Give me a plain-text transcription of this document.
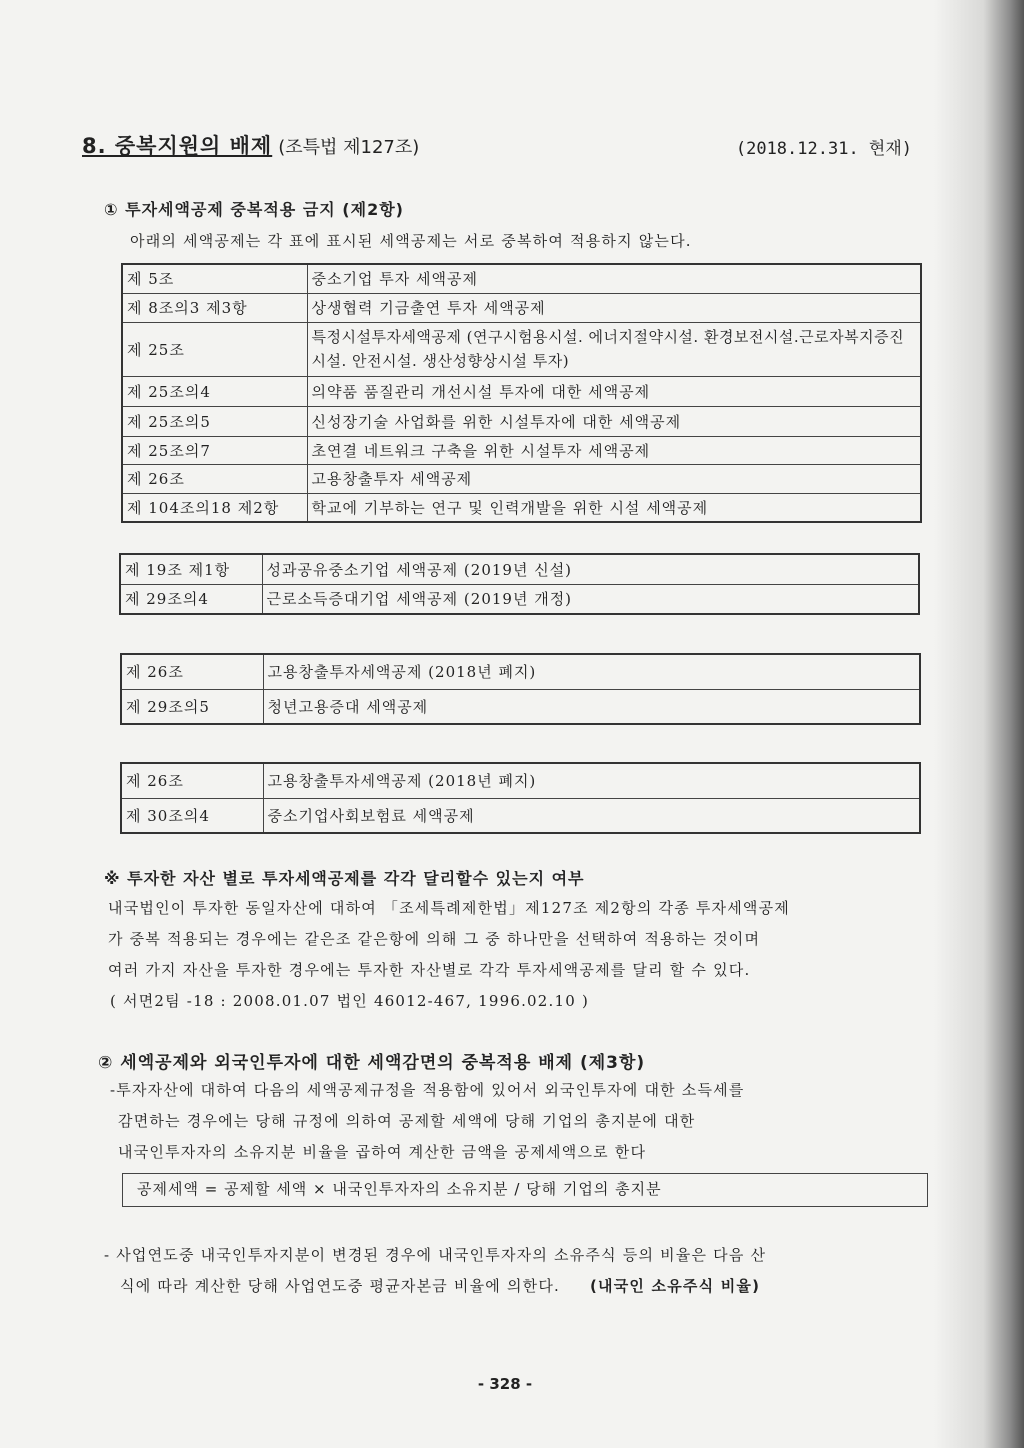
8. 중복지원의 배제 (조특법 제127조)	(2018.12.31. 현재)
① 투자세액공제 중복적용 금지 (제2항)

아래의 세액공제는 각 표에 표시된 세액공제는 서로 중복하여 적용하지 않는다.

제 5조	중소기업 투자 세액공제
제 8조의3 제3항	상생협력 기금출연 투자 세액공제
제 25조	특정시설투자세액공제 (연구시험용시설. 에너지절약시설. 환경보전시설.근로자복지증진시설. 안전시설. 생산성향상시설 투자)
제 25조의4	의약품 품질관리 개선시설 투자에 대한 세액공제
제 25조의5	신성장기술 사업화를 위한 시설투자에 대한 세액공제
제 25조의7	초연결 네트워크 구축을 위한 시설투자 세액공제
제 26조	고용창출투자 세액공제
제 104조의18 제2항	학교에 기부하는 연구 및 인력개발을 위한 시설 세액공제
제 19조 제1항	성과공유중소기업 세액공제 (2019년 신설)
제 29조의4	근로소득증대기업 세액공제 (2019년 개정)
제 26조	고용창출투자세액공제 (2018년 폐지)
제 29조의5	청년고용증대 세액공제
제 26조	고용창출투자세액공제 (2018년 폐지)
제 30조의4	중소기업사회보험료 세액공제
※ 투자한 자산 별로 투자세액공제를 각각 달리할수 있는지 여부

내국법인이 투자한 동일자산에 대하여 「조세특례제한법」제127조 제2항의 각종 투자세액공제
가 중복 적용되는 경우에는 같은조 같은항에 의해 그 중 하나만을 선택하여 적용하는 것이며
여러 가지 자산을 투자한 경우에는 투자한 자산별로 각각 투자세액공제를 달리 할 수 있다.
( 서면2팀 -18 : 2008.01.07 법인 46012-467, 1996.02.10 )

② 세엑공제와 외국인투자에 대한 세액감면의 중복적용 배제 (제3항)

-투자자산에 대하여 다음의 세액공제규정을 적용함에 있어서 외국인투자에 대한 소득세를
감면하는 경우에는 당해 규정에 의하여 공제할 세액에 당해 기업의 총지분에 대한
내국인투자자의 소유지분 비율을 곱하여 계산한 금액을 공제세액으로 한다

공제세액 = 공제할 세액 × 내국인투자자의 소유지분 / 당해 기업의 총지분

- 사업연도중 내국인투자지분이 변경된 경우에 내국인투자자의 소유주식 등의 비율은 다음 산
식에 따라 계산한 당해 사업연도중 평균자본금 비율에 의한다. (내국인 소유주식 비율)

- 328 -
